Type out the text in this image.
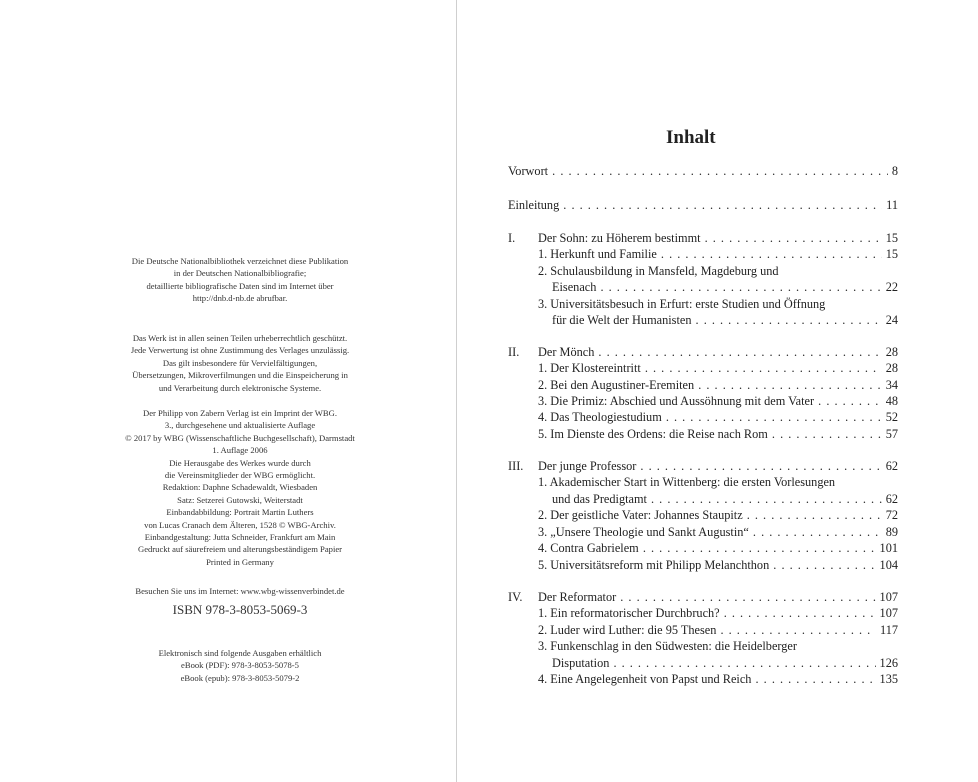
Die Deutsche Nationalbibliothek verzeichnet diese Publikation
in der Deutschen Nationalbibliografie;
detaillierte bibliografische Daten sind im Internet über
http://dnb.d-nb.de abrufbar.
Das Werk ist in allen seinen Teilen urheberrechtlich geschützt.
Jede Verwertung ist ohne Zustimmung des Verlages unzulässig.
Das gilt insbesondere für Vervielfältigungen,
Übersetzungen, Mikroverfilmungen und die Einspeicherung in
und Verarbeitung durch elektronische Systeme.
Der Philipp von Zabern Verlag ist ein Imprint der WBG.
3., durchgesehene und aktualisierte Auflage
© 2017 by WBG (Wissenschaftliche Buchgesellschaft), Darmstadt
1. Auflage 2006
Die Herausgabe des Werkes wurde durch
die Vereinsmitglieder der WBG ermöglicht.
Redaktion: Daphne Schadewaldt, Wiesbaden
Satz: Setzerei Gutowski, Weiterstadt
Einbandabbildung: Portrait Martin Luthers
von Lucas Cranach dem Älteren, 1528 © WBG-Archiv.
Einbandgestaltung: Jutta Schneider, Frankfurt am Main
Gedruckt auf säurefreiem und alterungsbeständigem Papier
Printed in Germany
Besuchen Sie uns im Internet: www.wbg-wissenverbindet.de
ISBN 978-3-8053-5069-3
Elektronisch sind folgende Ausgaben erhältlich
eBook (PDF): 978-3-8053-5078-5
eBook (epub): 978-3-8053-5079-2
Inhalt
Vorwort . . .	8
Einleitung . . .	11
I. Der Sohn: zu Höherem bestimmt . . .	15
1. Herkunft und Familie . . .	15
2. Schulausbildung in Mansfeld, Magdeburg und
Eisenach . . .	22
3. Universitätsbesuch in Erfurt: erste Studien und Öffnung
für die Welt der Humanisten . . .	24
II. Der Mönch . . .	28
1. Der Klostereintritt . . .	28
2. Bei den Augustiner-Eremiten . . .	34
3. Die Primiz: Abschied und Aussöhnung mit dem Vater . . .	48
4. Das Theologiestudium . . .	52
5. Im Dienste des Ordens: die Reise nach Rom . . .	57
III. Der junge Professor . . .	62
1. Akademischer Start in Wittenberg: die ersten Vorlesungen
und das Predigtamt . . .	62
2. Der geistliche Vater: Johannes Staupitz . . .	72
3. „Unsere Theologie und Sankt Augustin“ . . .	89
4. Contra Gabrielem . . .	101
5. Universitätsreform mit Philipp Melanchthon . . .	104
IV. Der Reformator . . .	107
1. Ein reformatorischer Durchbruch? . . .	107
2. Luder wird Luther: die 95 Thesen . . .	117
3. Funkenschlag in den Südwesten: die Heidelberger
Disputation . . .	126
4. Eine Angelegenheit von Papst und Reich . . .	135
